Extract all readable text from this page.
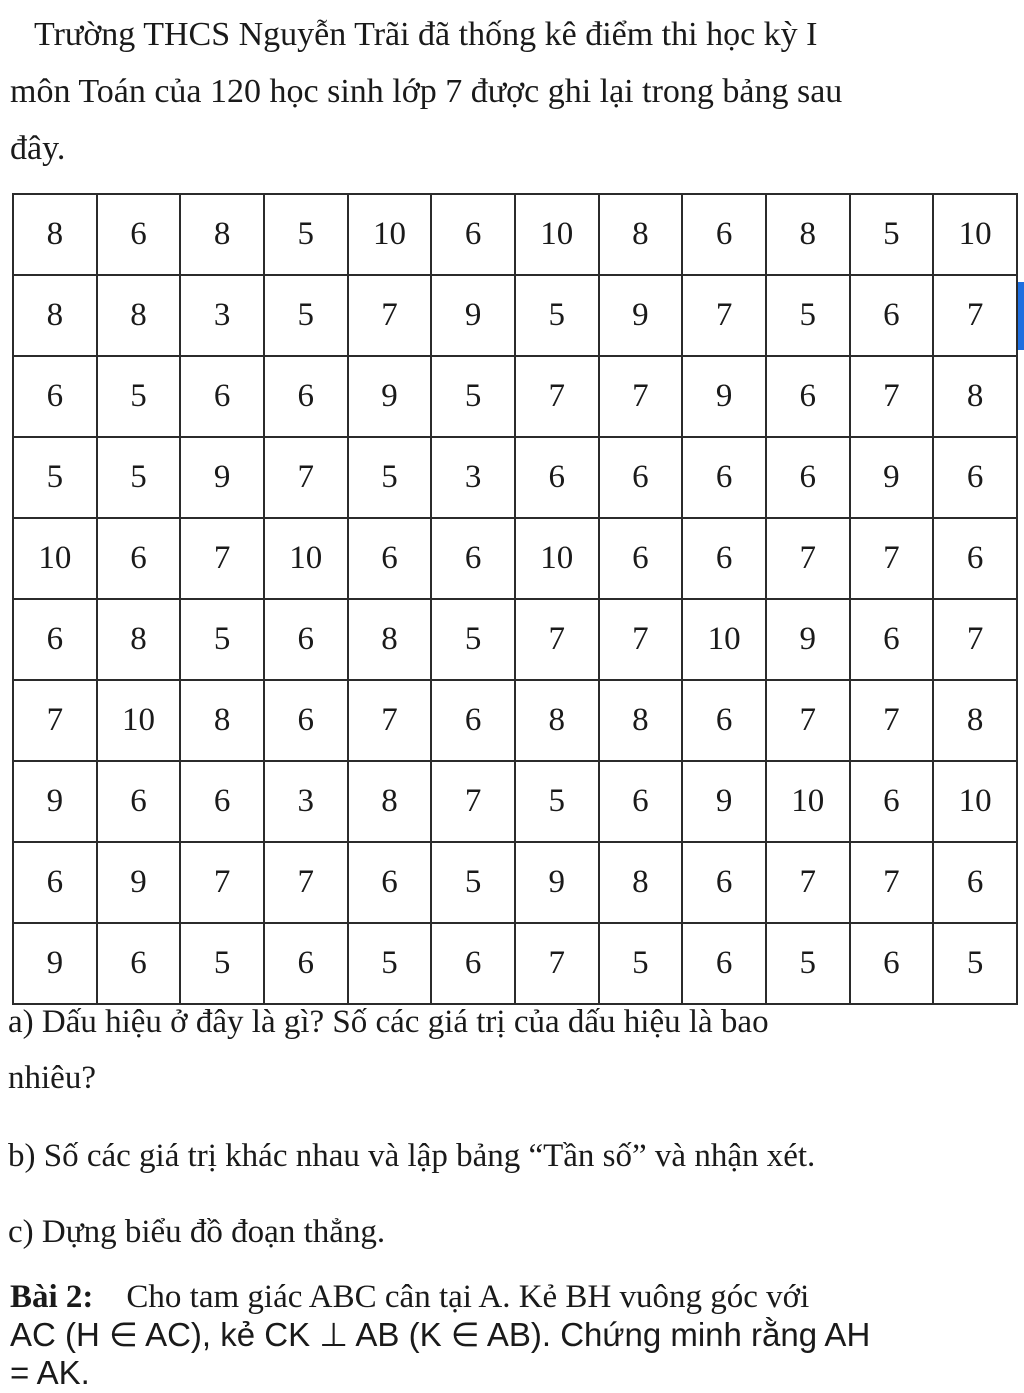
Trường THCS Nguyễn Trãi đã thống kê điểm thi học kỳ I
môn Toán của 120 học sinh lớp 7 được ghi lại trong bảng sau
đây.
8	6	8	5	10	6	10	8	6	8	5	10
8	8	3	5	7	9	5	9	7	5	6	7
6	5	6	6	9	5	7	7	9	6	7	8
5	5	9	7	5	3	6	6	6	6	9	6
10	6	7	10	6	6	10	6	6	7	7	6
6	8	5	6	8	5	7	7	10	9	6	7
7	10	8	6	7	6	8	8	6	7	7	8
9	6	6	3	8	7	5	6	9	10	6	10
6	9	7	7	6	5	9	8	6	7	7	6
9	6	5	6	5	6	7	5	6	5	6	5
a) Dấu hiệu ở đây là gì? Số các giá trị của dấu hiệu là bao
nhiêu?
b) Số các giá trị khác nhau và lập bảng “Tần số” và nhận xét.
c) Dựng biểu đồ đoạn thẳng.
Bài 2: Cho tam giác ABC cân tại A. Kẻ BH vuông góc với
AC (H ∈ AC), kẻ CK ⊥ AB (K ∈ AB). Chứng minh rằng AH
= AK.
